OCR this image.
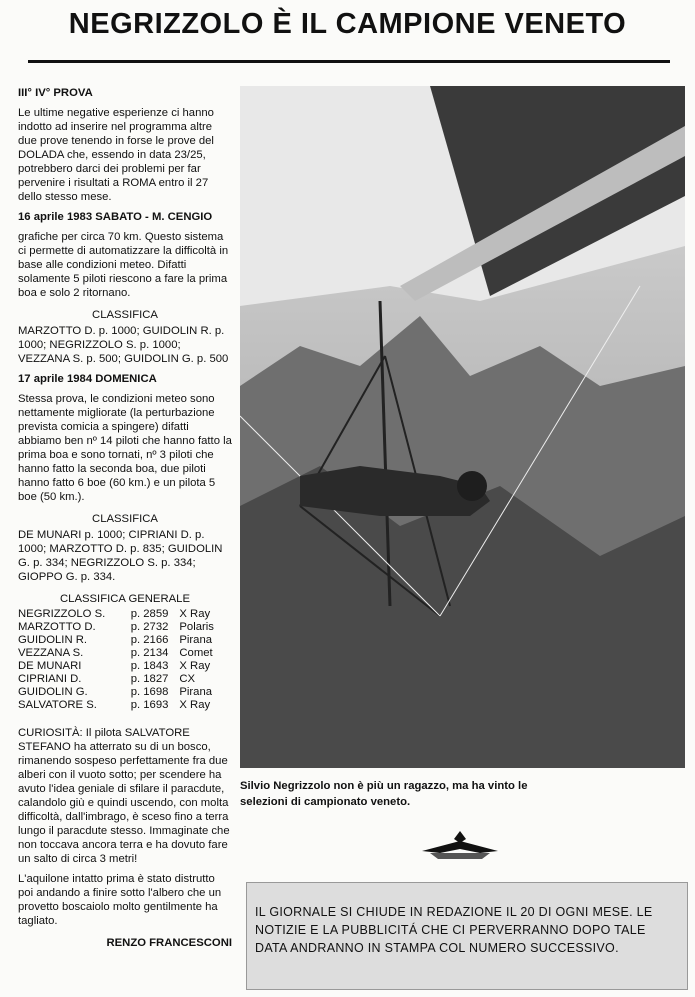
NEGRIZZOLO È IL CAMPIONE VENETO
III° IV° PROVA

Le ultime negative esperienze ci hanno indotto ad inserire nel programma altre due prove tenendo in forse le prove del DOLADA che, essendo in data 23/25, potrebbero darci dei problemi per far pervenire i risultati a ROMA entro il 27 dello stesso mese.

16 aprile 1983 SABATO - M. CENGIO

grafiche per circa 70 km. Questo sistema ci permette di automatizzare la difficoltà in base alle condizioni meteo. Difatti solamente 5 piloti riescono a fare la prima boa e solo 2 ritornano.

CLASSIFICA

MARZOTTO D. p. 1000; GUIDOLIN R. p. 1000; NEGRIZZOLO S. p. 1000; VEZZANA S. p. 500; GUIDOLIN G. p. 500

17 aprile 1984 DOMENICA

Stessa prova, le condizioni meteo sono nettamente migliorate (la perturbazione prevista comicia a spingere) difatti abbiamo ben nº 14 piloti che hanno fatto la prima boa e sono tornati, nº 3 piloti che hanno fatto la seconda boa, due piloti hanno fatto 6 boe (60 km.) e un pilota 5 boe (50 km.).

CLASSIFICA

DE MUNARI p. 1000; CIPRIANI D. p. 1000; MARZOTTO D. p. 835; GUIDOLIN G. p. 334; NEGRIZZOLO S. p. 334; GIOPPO G. p. 334.

CLASSIFICA GENERALE
NEGRIZZOLO S.	p. 2859	X Ray
MARZOTTO D.	p. 2732	Polaris
GUIDOLIN R.	p. 2166	Pirana
VEZZANA S.	p. 2134	Comet
DE MUNARI	p. 1843	X Ray
CIPRIANI D.	p. 1827	CX
GUIDOLIN G.	p. 1698	Pirana
SALVATORE S.	p. 1693	X Ray

CURIOSITÀ: Il pilota SALVATORE STEFANO ha atterrato su di un bosco, rimanendo sospeso perfettamente fra due alberi con il vuoto sotto; per scendere ha avuto l'idea geniale di sfilare il paracdute, calandolo giù e quindi uscendo, con molta difficoltà, dall'imbrago, è sceso fino a terra lungo il paracdute stesso. Immaginate che non toccava ancora terra e ha dovuto fare un salto di circa 3 metri!

L'aquilone intatto prima è stato distrutto poi andando a finire sotto l'albero che un provetto boscaiolo molto gentilmente ha tagliato.

RENZO FRANCESCONI
Silvio Negrizzolo non è più un ragazzo, ma ha vinto le selezioni di campionato veneto.
IL GIORNALE SI CHIUDE IN REDAZIONE IL 20 DI OGNI MESE. LE NOTIZIE E LA PUBBLICITÁ CHE CI PERVERRANNO DOPO TALE DATA ANDRANNO IN STAMPA COL NUMERO SUCCESSIVO.
